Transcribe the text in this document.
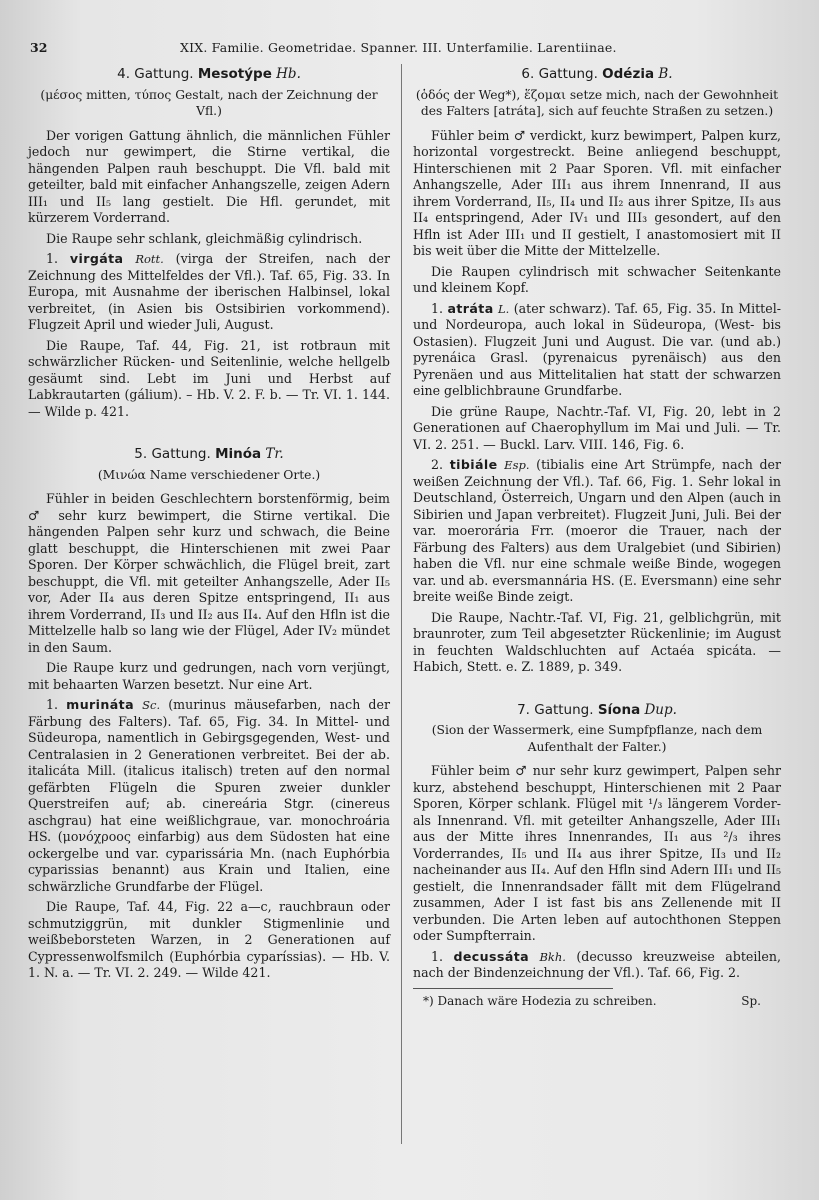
32	XIX. Familie. Geometridae. Spanner. III. Unterfamilie. Larentiinae.
4. Gattung. Mesotýpe Hb.

(μέσος mitten, τύπος Gestalt, nach der Zeichnung der Vfl.)

Der vorigen Gattung ähnlich, die männlichen Fühler jedoch nur gewimpert, die Stirne vertikal, die hängenden Palpen rauh beschuppt. Die Vfl. bald mit geteilter, bald mit einfacher Anhangszelle, zeigen Adern III₁ und II₅ lang gestielt. Die Hfl. gerundet, mit kürzerem Vorderrand.

Die Raupe sehr schlank, gleichmäßig cylindrisch.

1. virgáta Rott. (virga der Streifen, nach der Zeichnung des Mittelfeldes der Vfl.). Taf. 65, Fig. 33. In Europa, mit Ausnahme der iberischen Halbinsel, lokal verbreitet, (in Asien bis Ostsibirien vorkommend). Flugzeit April und wieder Juli, August.

Die Raupe, Taf. 44, Fig. 21, ist rotbraun mit schwärzlicher Rücken- und Seitenlinie, welche hellgelb gesäumt sind. Lebt im Juni und Herbst auf Labkrautarten (gálium). – Hb. V. 2. F. b. — Tr. VI. 1. 144. — Wilde p. 421.

5. Gattung. Minóa Tr.

(Μινώα Name verschiedener Orte.)

Fühler in beiden Geschlechtern borstenförmig, beim ♂ sehr kurz bewimpert, die Stirne vertikal. Die hängenden Palpen sehr kurz und schwach, die Beine glatt beschuppt, die Hinterschienen mit zwei Paar Sporen. Der Körper schwächlich, die Flügel breit, zart beschuppt, die Vfl. mit geteilter Anhangszelle, Ader II₅ vor, Ader II₄ aus deren Spitze entspringend, II₁ aus ihrem Vorderrand, II₃ und II₂ aus II₄. Auf den Hfln ist die Mittelzelle halb so lang wie der Flügel, Ader IV₂ mündet in den Saum.

Die Raupe kurz und gedrungen, nach vorn verjüngt, mit behaarten Warzen besetzt. Nur eine Art.

1. murináta Sc. (murinus mäusefarben, nach der Färbung des Falters). Taf. 65, Fig. 34. In Mittel- und Südeuropa, namentlich in Gebirgsgegenden, West- und Centralasien in 2 Generationen verbreitet. Bei der ab. italicáta Mill. (italicus italisch) treten auf den normal gefärbten Flügeln die Spuren zweier dunkler Querstreifen auf; ab. cinereária Stgr. (cinereus aschgrau) hat eine weißlichgraue, var. monochroária HS. (μονόχροος einfarbig) aus dem Südosten hat eine ockergelbe und var. cyparissária Mn. (nach Euphórbia cyparissias benannt) aus Krain und Italien, eine schwärzliche Grundfarbe der Flügel.

Die Raupe, Taf. 44, Fig. 22 a—c, rauchbraun oder schmutziggrün, mit dunkler Stigmenlinie und weißbeborsteten Warzen, in 2 Generationen auf Cypressenwolfsmilch (Euphórbia cyparíssias). — Hb. V. 1. N. a. — Tr. VI. 2. 249. — Wilde 421.

6. Gattung. Odézia B.

(ὁδός der Weg*), ἕζομαι setze mich, nach der Gewohnheit des Falters [atráta], sich auf feuchte Straßen zu setzen.)

Fühler beim ♂ verdickt, kurz bewimpert, Palpen kurz, horizontal vorgestreckt. Beine anliegend beschuppt, Hinterschienen mit 2 Paar Sporen. Vfl. mit einfacher Anhangszelle, Ader III₁ aus ihrem Innenrand, II aus ihrem Vorderrand, II₅, II₄ und II₂ aus ihrer Spitze, II₃ aus II₄ entspringend, Ader IV₁ und III₃ gesondert, auf den Hfln ist Ader III₁ und II gestielt, I anastomosiert mit II bis weit über die Mitte der Mittelzelle.

Die Raupen cylindrisch mit schwacher Seitenkante und kleinem Kopf.

1. atráta L. (ater schwarz). Taf. 65, Fig. 35. In Mittel- und Nordeuropa, auch lokal in Südeuropa, (West- bis Ostasien). Flugzeit Juni und August. Die var. (und ab.) pyrenáica Grasl. (pyrenaicus pyrenäisch) aus den Pyrenäen und aus Mittelitalien hat statt der schwarzen eine gelblichbraune Grundfarbe.

Die grüne Raupe, Nachtr.-Taf. VI, Fig. 20, lebt in 2 Generationen auf Chaerophyllum im Mai und Juli. — Tr. VI. 2. 251. — Buckl. Larv. VIII. 146, Fig. 6.

2. tibiále Esp. (tibialis eine Art Strümpfe, nach der weißen Zeichnung der Vfl.). Taf. 66, Fig. 1. Sehr lokal in Deutschland, Österreich, Ungarn und den Alpen (auch in Sibirien und Japan verbreitet). Flugzeit Juni, Juli. Bei der var. moerorária Frr. (moeror die Trauer, nach der Färbung des Falters) aus dem Uralgebiet (und Sibirien) haben die Vfl. nur eine schmale weiße Binde, wogegen var. und ab. eversmannária HS. (E. Eversmann) eine sehr breite weiße Binde zeigt.

Die Raupe, Nachtr.-Taf. VI, Fig. 21, gelblichgrün, mit braunroter, zum Teil abgesetzter Rückenlinie; im August in feuchten Waldschluchten auf Actaéa spicáta. — Habich, Stett. e. Z. 1889, p. 349.

7. Gattung. Síona Dup.

(Sion der Wassermerk, eine Sumpfpflanze, nach dem Aufenthalt der Falter.)

Fühler beim ♂ nur sehr kurz gewimpert, Palpen sehr kurz, abstehend beschuppt, Hinterschienen mit 2 Paar Sporen, Körper schlank. Flügel mit ¹/₃ längerem Vorder- als Innenrand. Vfl. mit geteilter Anhangszelle, Ader III₁ aus der Mitte ihres Innenrandes, II₁ aus ²/₃ ihres Vorderrandes, II₅ und II₄ aus ihrer Spitze, II₃ und II₂ nacheinander aus II₄. Auf den Hfln sind Adern III₁ und II₅ gestielt, die Innenrandsader fällt mit dem Flügelrand zusammen, Ader I ist fast bis ans Zellenende mit II verbunden. Die Arten leben auf autochthonen Steppen oder Sumpfterrain.

1. decussáta Bkh. (decusso kreuzweise abteilen, nach der Bindenzeichnung der Vfl.). Taf. 66, Fig. 2.

*) Danach wäre Hodezia zu schreiben.	Sp.
